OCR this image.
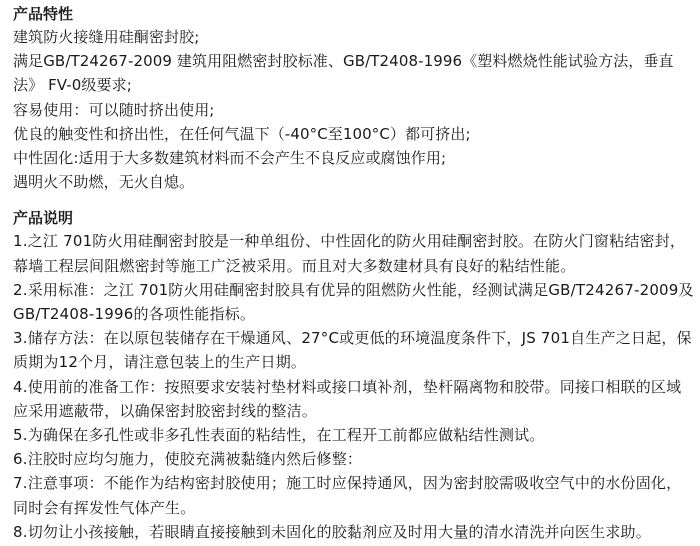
产品特性

建筑防火接缝用硅酮密封胶;

满足GB/T24267-2009 建筑用阻燃密封胶标准、GB/T2408-1996《塑料燃烧性能试验方法，垂直法》 FV-0级要求;

容易使用：可以随时挤出使用;

优良的触变性和挤出性，在任何气温下（-40°C至100°C）都可挤出;

中性固化:适用于大多数建筑材料而不会产生不良反应或腐蚀作用;

遇明火不助燃，无火自熄。

产品说明

1.之江 701防火用硅酮密封胶是一种单组份、中性固化的防火用硅酮密封胶。在防火门窗粘结密封，幕墙工程层间阻燃密封等施工广泛被采用。而且对大多数建材具有良好的粘结性能。

2.采用标准：之江 701防火用硅酮密封胶具有优异的阻燃防火性能，经测试满足GB/T24267-2009及GB/T2408-1996的各项性能指标。

3.储存方法：在以原包装储存在干燥通风、27°C或更低的环境温度条件下，JS 701自生产之日起，保质期为12个月，请注意包装上的生产日期。

4.使用前的准备工作：按照要求安装衬垫材料或接口填补剂，垫杆隔离物和胶带。同接口相联的区域应采用遮蔽带，以确保密封胶密封线的整洁。

5.为确保在多孔性或非多孔性表面的粘结性，在工程开工前都应做粘结性测试。

6.注胶时应均匀施力，使胶充满被黏缝内然后修整：

7.注意事项：不能作为结构密封胶使用；施工时应保持通风，因为密封胶需吸收空气中的水份固化，同时会有挥发性气体产生。

8.切勿让小孩接触，若眼睛直接接触到未固化的胶黏剂应及时用大量的清水清洗并向医生求助。
